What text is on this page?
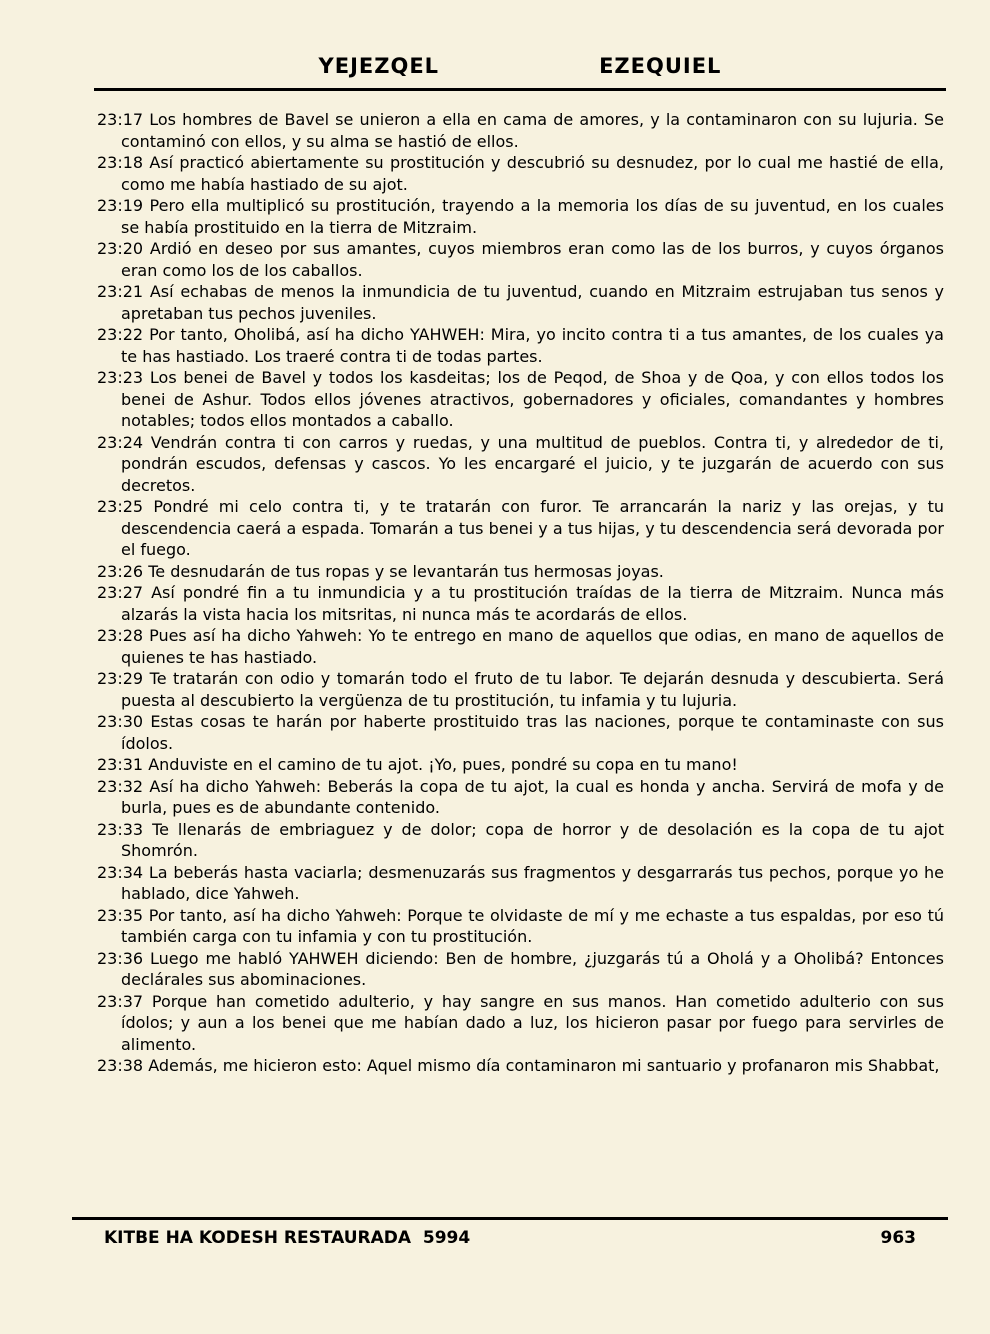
YEJEZQEL	EZEQUIEL

23:17 Los hombres de Bavel se unieron a ella en cama de amores, y la contaminaron con su lujuria. Se contaminó con ellos, y su alma se hastió de ellos.

23:18 Así practicó abiertamente su prostitución y descubrió su desnudez, por lo cual me hastié de ella, como me había hastiado de su ajot.

23:19 Pero ella multiplicó su prostitución, trayendo a la memoria los días de su juventud, en los cuales se había prostituido en la tierra de Mitzraim.

23:20 Ardió en deseo por sus amantes, cuyos miembros eran como las de los burros, y cuyos órganos eran como los de los caballos.

23:21 Así echabas de menos la inmundicia de tu juventud, cuando en Mitzraim estrujaban tus senos y apretaban tus pechos juveniles.

23:22 Por tanto, Oholibá, así ha dicho YAHWEH: Mira, yo incito contra ti a tus amantes, de los cuales ya te has hastiado. Los traeré contra ti de todas partes.

23:23 Los benei de Bavel y todos los kasdeitas; los de Peqod, de Shoa y de Qoa, y con ellos todos los benei de Ashur. Todos ellos jóvenes atractivos, gobernadores y oficiales, comandantes y hombres notables; todos ellos montados a caballo.

23:24 Vendrán contra ti con carros y ruedas, y una multitud de pueblos. Contra ti, y alrededor de ti, pondrán escudos, defensas y cascos. Yo les encargaré el juicio, y te juzgarán de acuerdo con sus decretos.

23:25 Pondré mi celo contra ti, y te tratarán con furor. Te arrancarán la nariz y las orejas, y tu descendencia caerá a espada. Tomarán a tus benei y a tus hijas, y tu descendencia será devorada por el fuego.

23:26 Te desnudarán de tus ropas y se levantarán tus hermosas joyas.

23:27 Así pondré fin a tu inmundicia y a tu prostitución traídas de la tierra de Mitzraim. Nunca más alzarás la vista hacia los mitsritas, ni nunca más te acordarás de ellos.

23:28 Pues así ha dicho Yahweh: Yo te entrego en mano de aquellos que odias, en mano de aquellos de quienes te has hastiado.

23:29 Te tratarán con odio y tomarán todo el fruto de tu labor. Te dejarán desnuda y descubierta. Será puesta al descubierto la vergüenza de tu prostitución, tu infamia y tu lujuria.

23:30 Estas cosas te harán por haberte prostituido tras las naciones, porque te contaminaste con sus ídolos.

23:31 Anduviste en el camino de tu ajot. ¡Yo, pues, pondré su copa en tu mano!

23:32 Así ha dicho Yahweh: Beberás la copa de tu ajot, la cual es honda y ancha. Servirá de mofa y de burla, pues es de abundante contenido.

23:33 Te llenarás de embriaguez y de dolor; copa de horror y de desolación es la copa de tu ajot Shomrón.

23:34 La beberás hasta vaciarla; desmenuzarás sus fragmentos y desgarrarás tus pechos, porque yo he hablado, dice Yahweh.

23:35 Por tanto, así ha dicho Yahweh: Porque te olvidaste de mí y me echaste a tus espaldas, por eso tú también carga con tu infamia y con tu prostitución.

23:36 Luego me habló YAHWEH diciendo: Ben de hombre, ¿juzgarás tú a Oholá y a Oholibá? Entonces declárales sus abominaciones.

23:37 Porque han cometido adulterio, y hay sangre en sus manos. Han cometido adulterio con sus ídolos; y aun a los benei que me habían dado a luz, los hicieron pasar por fuego para servirles de alimento.

23:38 Además, me hicieron esto: Aquel mismo día contaminaron mi santuario y profanaron mis Shabbat,

KITBE HA KODESH RESTAURADA  5994	963
